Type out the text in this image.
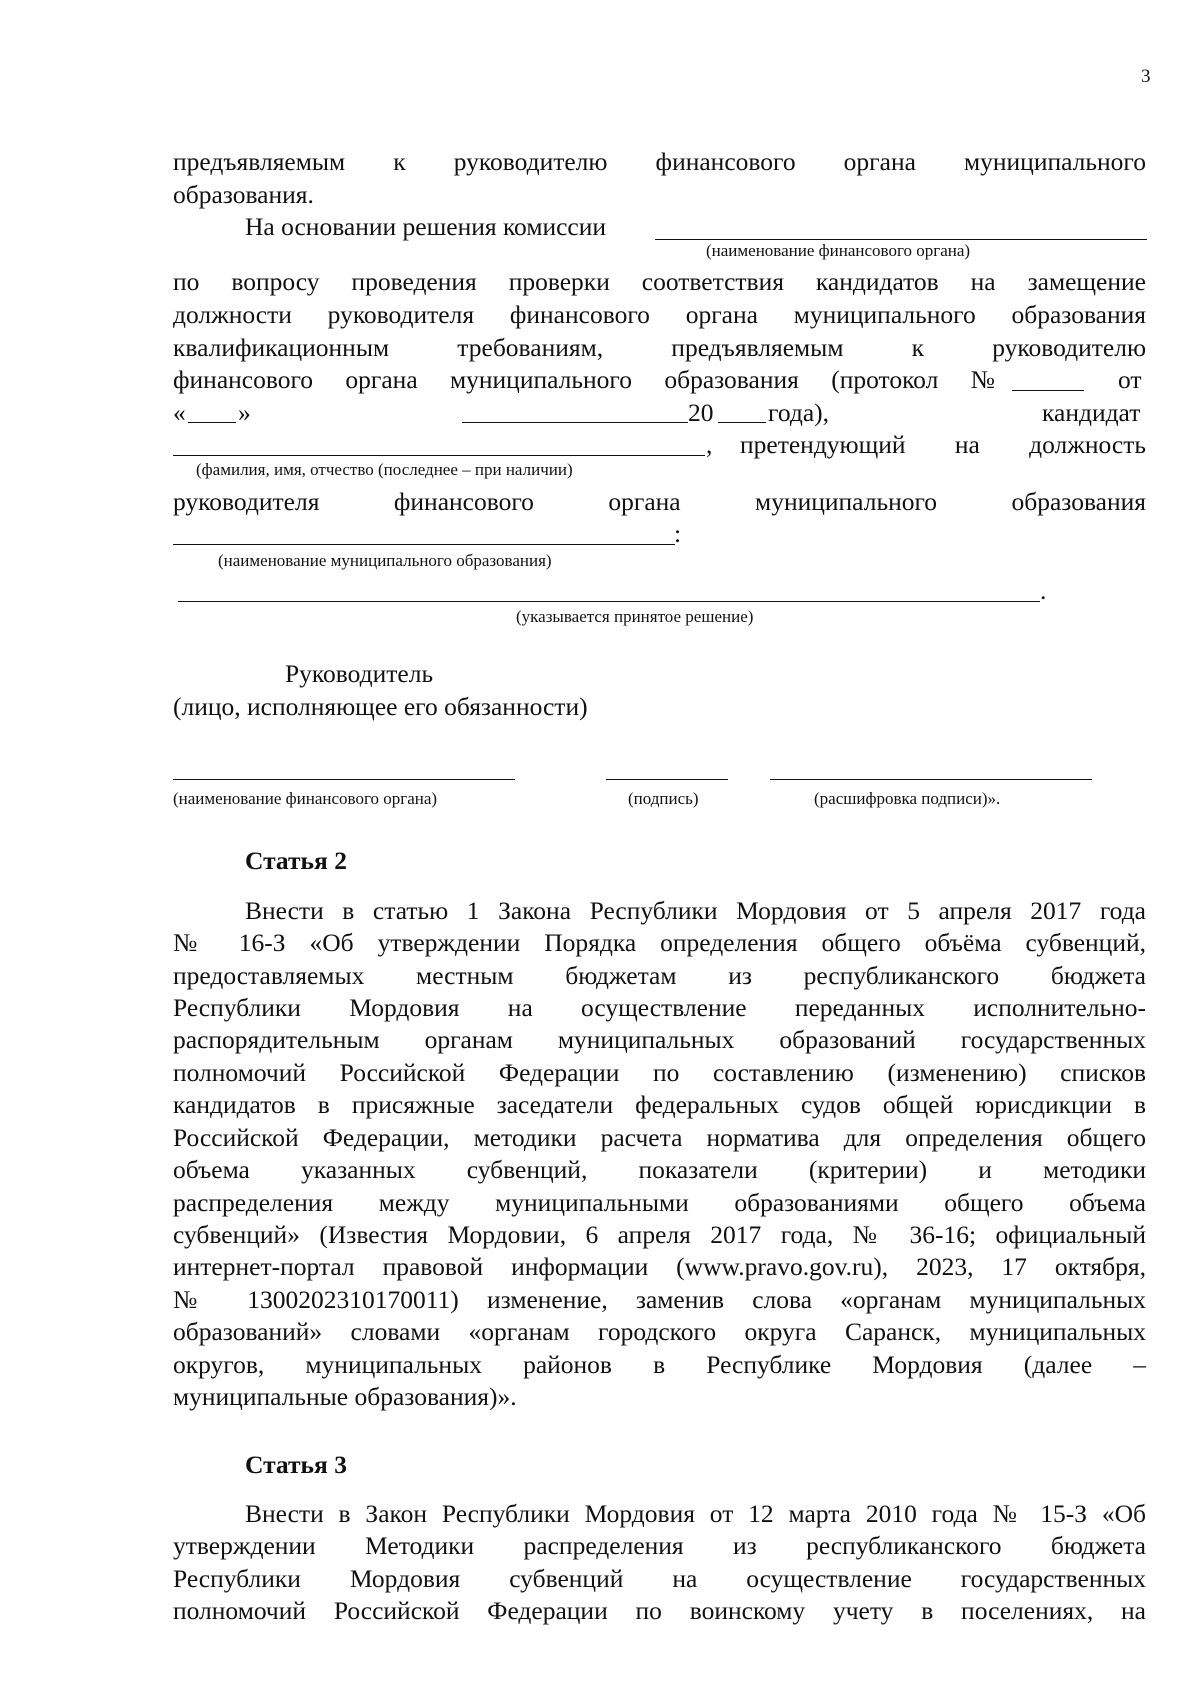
3
предъявляемым к руководителю финансового органа муниципального
образования.
На основании решения комиссии
(наименование финансового органа)
по вопросу проведения проверки соответствия кандидатов на замещение
должности руководителя финансового органа муниципального образования
квалификационным требованиям, предъявляемым к руководителю
финансового органа муниципального образования (протокол №	от
« »	20 года),	кандидат
, претендующий на должность
(фамилия, имя, отчество (последнее – при наличии)
руководителя финансового органа муниципального образования
:
(наименование муниципального образования)
.
(указывается принятое решение)
Руководитель
(лицо, исполняющее его обязанности)
(наименование финансового органа)	(подпись)	(расшифровка подписи)».
Статья 2
Внести в статью 1 Закона Республики Мордовия от 5 апреля 2017 года
№ 16-З «Об утверждении Порядка определения общего объёма субвенций,
предоставляемых местным бюджетам из республиканского бюджета
Республики Мордовия на осуществление переданных исполнительно-
распорядительным органам муниципальных образований государственных
полномочий Российской Федерации по составлению (изменению) списков
кандидатов в присяжные заседатели федеральных судов общей юрисдикции в
Российской Федерации, методики расчета норматива для определения общего
объема указанных субвенций, показатели (критерии) и методики
распределения между муниципальными образованиями общего объема
субвенций» (Известия Мордовии, 6 апреля 2017 года, № 36-16; официальный
интернет-портал правовой информации (www.pravo.gov.ru), 2023, 17 октября,
№ 1300202310170011) изменение, заменив слова «органам муниципальных
образований» словами «органам городского округа Саранск, муниципальных
округов, муниципальных районов в Республике Мордовия (далее –
муниципальные образования)».
Статья 3
Внести в Закон Республики Мордовия от 12 марта 2010 года № 15-З «Об
утверждении Методики распределения из республиканского бюджета
Республики Мордовия субвенций на осуществление государственных
полномочий Российской Федерации по воинскому учету в поселениях, на
